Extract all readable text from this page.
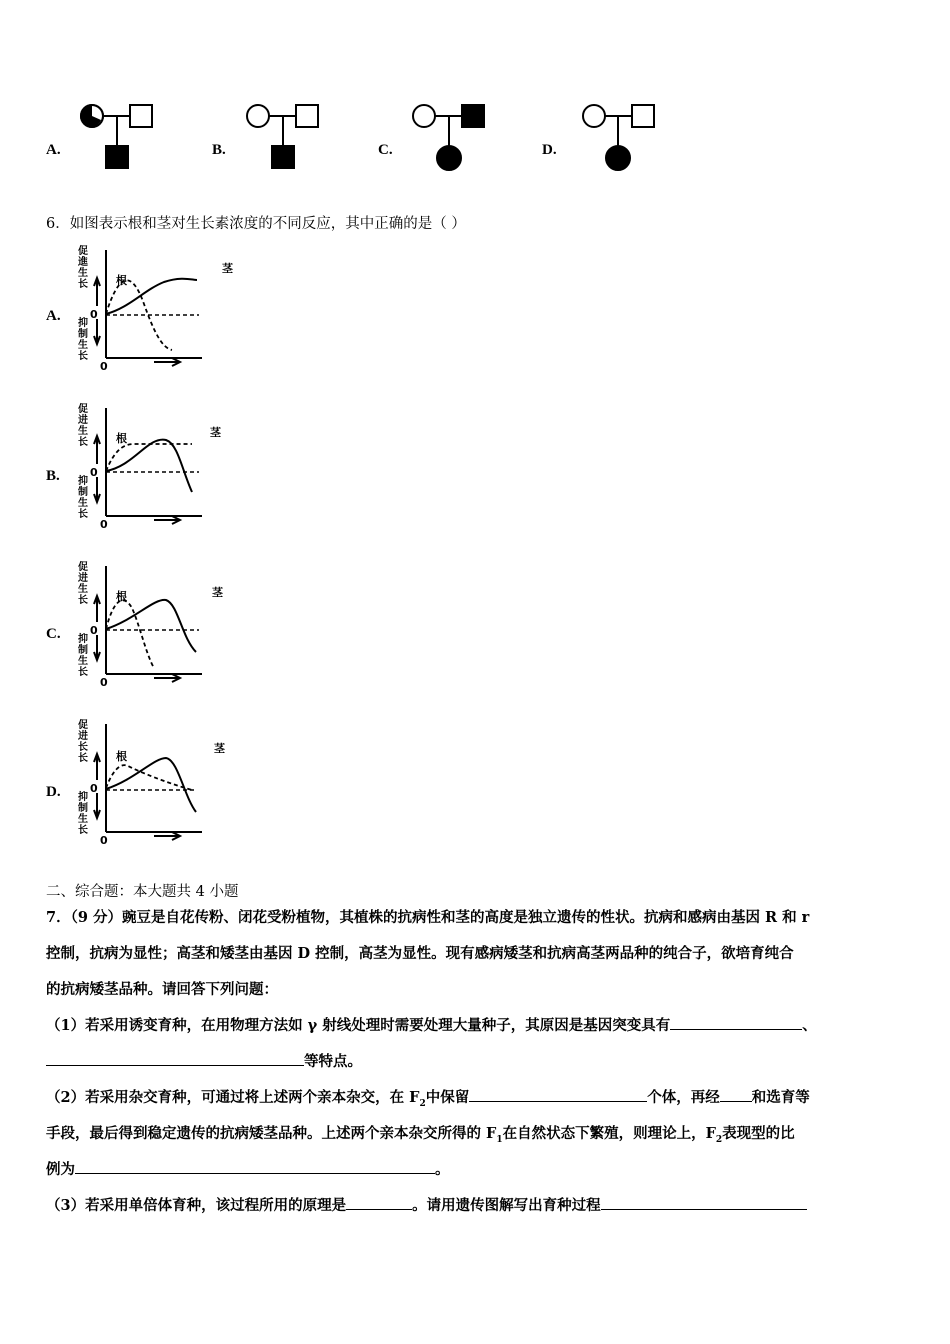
A.	B.	C.	D.
6．如图表示根和茎对生长素浓度的不同反应，其中正确的是（ ）
A.
促
進
生
长
抑
制
生
长
0
0
根
茎
B.
促
进
生
长
抑
制
生
长
0
0
根	茎
C.
促
进
生
长
抑
制
生
长
0
0
根	茎
D.
促
进
长
长
抑
制
生
长
0
0
根
茎
二、综合题：本大题共 4 小题
7．（9 分）豌豆是自花传粉、闭花受粉植物，其植株的抗病性和茎的高度是独立遗传的性状。抗病和感病由基因 R 和 r
控制，抗病为显性；高茎和矮茎由基因 D 控制，高茎为显性。现有感病矮茎和抗病高茎两品种的纯合子，欲培育纯合
的抗病矮茎品种。请回答下列问题：
（1）若采用诱变育种，在用物理方法如 γ 射线处理时需要处理大量种子，其原因是基因突变具有	、
等特点。
（2）若采用杂交育种，可通过将上述两个亲本杂交，在 $F_2$中保留	个体，再经 和选育等
手段，最后得到稳定遗传的抗病矮茎品种。上述两个亲本杂交所得的 $F_1$在自然状态下繁殖，则理论上，$F_2$表现型的比
例为	。
（3）若采用单倍体育种，该过程所用的原理是	。请用遗传图解写出育种过程
